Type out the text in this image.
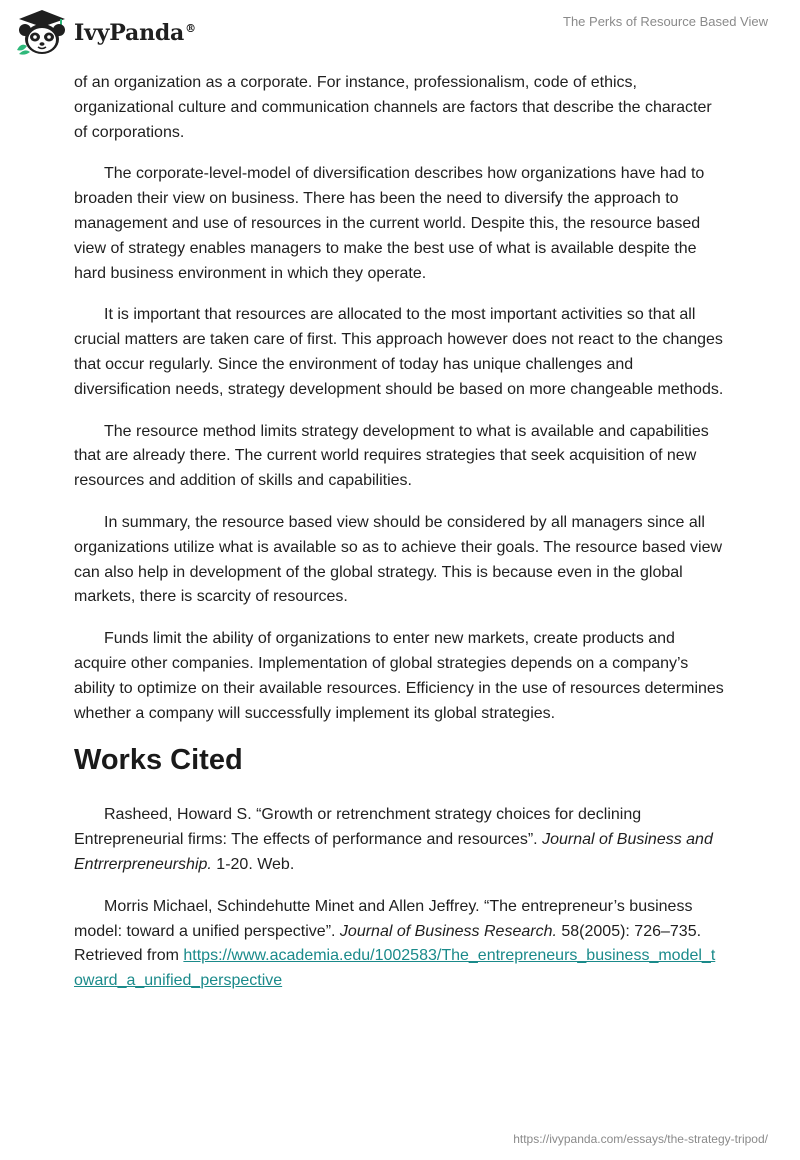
IvyPanda®	The Perks of Resource Based View

of an organization as a corporate. For instance, professionalism, code of ethics, organizational culture and communication channels are factors that describe the character of corporations.

The corporate-level-model of diversification describes how organizations have had to broaden their view on business. There has been the need to diversify the approach to management and use of resources in the current world. Despite this, the resource based view of strategy enables managers to make the best use of what is available despite the hard business environment in which they operate.

It is important that resources are allocated to the most important activities so that all crucial matters are taken care of first. This approach however does not react to the changes that occur regularly. Since the environment of today has unique challenges and diversification needs, strategy development should be based on more changeable methods.

The resource method limits strategy development to what is available and capabilities that are already there. The current world requires strategies that seek acquisition of new resources and addition of skills and capabilities.

In summary, the resource based view should be considered by all managers since all organizations utilize what is available so as to achieve their goals. The resource based view can also help in development of the global strategy. This is because even in the global markets, there is scarcity of resources.

Funds limit the ability of organizations to enter new markets, create products and acquire other companies. Implementation of global strategies depends on a company’s ability to optimize on their available resources. Efficiency in the use of resources determines whether a company will successfully implement its global strategies.

Works Cited

Rasheed, Howard S. “Growth or retrenchment strategy choices for declining Entrepreneurial firms: The effects of performance and resources”. Journal of Business and Entrrerpreneurship. 1-20. Web.

Morris Michael, Schindehutte Minet and Allen Jeffrey. “The entrepreneur’s business model: toward a unified perspective”. Journal of Business Research. 58(2005): 726–735. Retrieved from https://www.academia.edu/1002583/The_entrepreneurs_business_model_toward_a_unified_perspective

https://ivypanda.com/essays/the-strategy-tripod/
